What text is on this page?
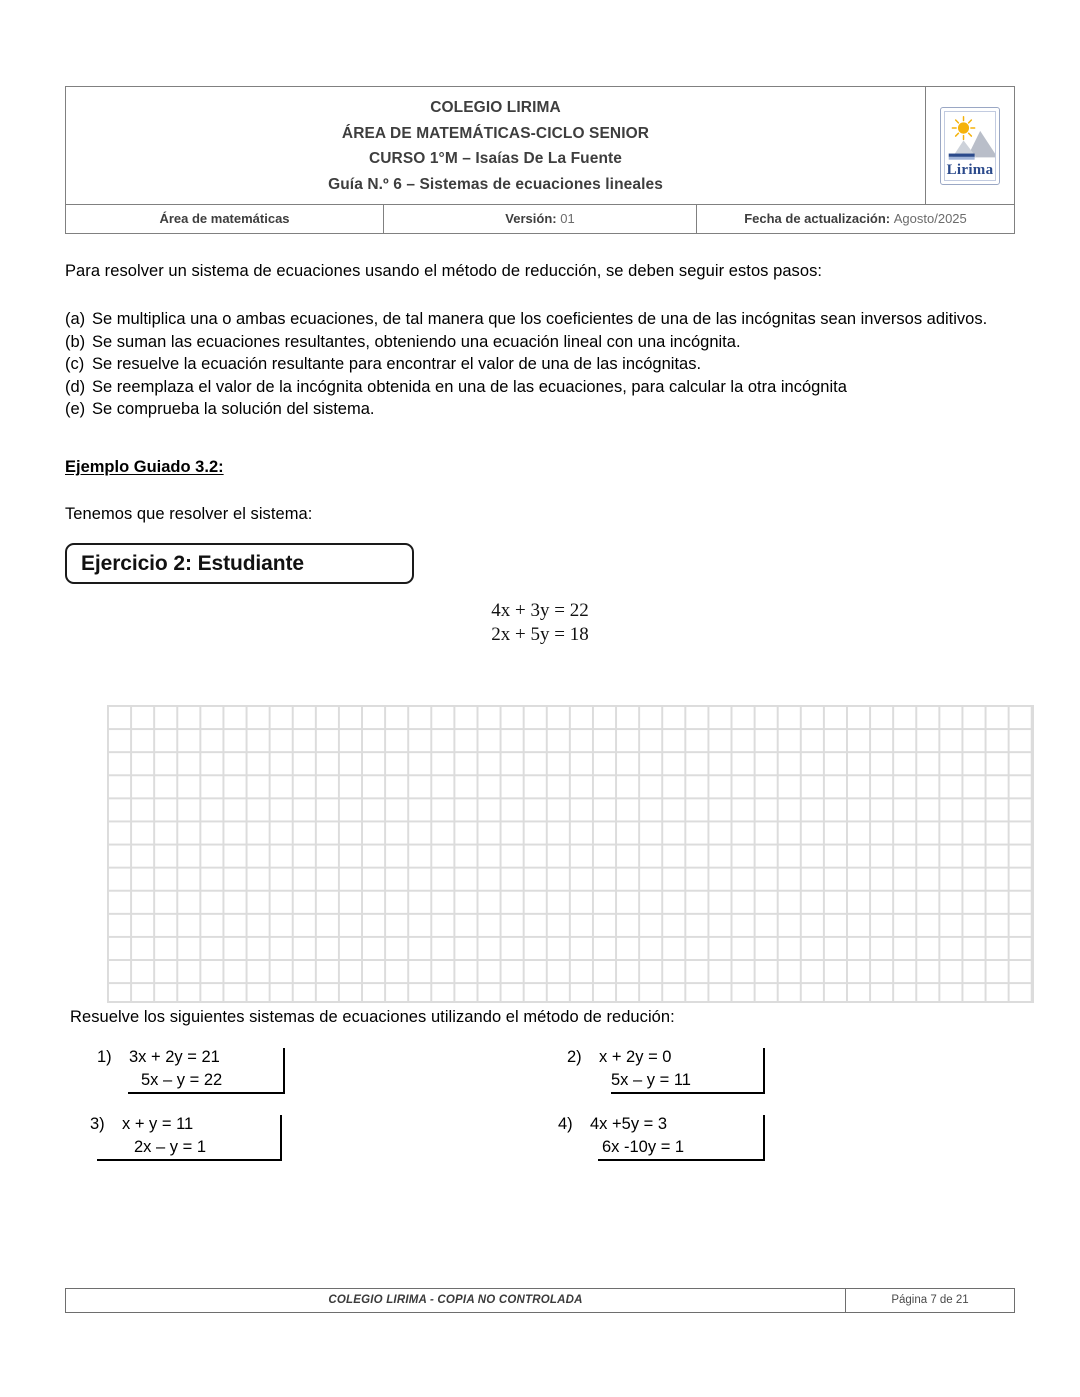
COLEGIO LIRIMA
ÁREA DE MATEMÁTICAS-CICLO SENIOR
CURSO 1°M – Isaías De La Fuente
Guía N.º 6 – Sistemas de ecuaciones lineales
Lirima
Área de matemáticas	Versión: 01	Fecha de actualización: Agosto/2025
Para resolver un sistema de ecuaciones usando el método de reducción, se deben seguir estos pasos:
(a) Se multiplica una o ambas ecuaciones, de tal manera que los coeficientes de una de las incógnitas sean inversos aditivos.
(b) Se suman las ecuaciones resultantes, obteniendo una ecuación lineal con una incógnita.
(c) Se resuelve la ecuación resultante para encontrar el valor de una de las incógnitas.
(d) Se reemplaza el valor de la incógnita obtenida en una de las ecuaciones, para calcular la otra incógnita
(e) Se comprueba la solución del sistema.
Ejemplo Guiado 3.2:
Tenemos que resolver el sistema:
Ejercicio 2: Estudiante
4x + 3y = 22
2x + 5y = 18
Resuelve los siguientes sistemas de ecuaciones utilizando el método de redución:
1) 3x + 2y = 21
5x – y = 22
2) x + 2y = 0
5x – y = 11
3) x + y = 11
2x – y = 1
4) 4x +5y = 3
6x -10y = 1
COLEGIO LIRIMA - COPIA NO CONTROLADA	Página 7 de 21
